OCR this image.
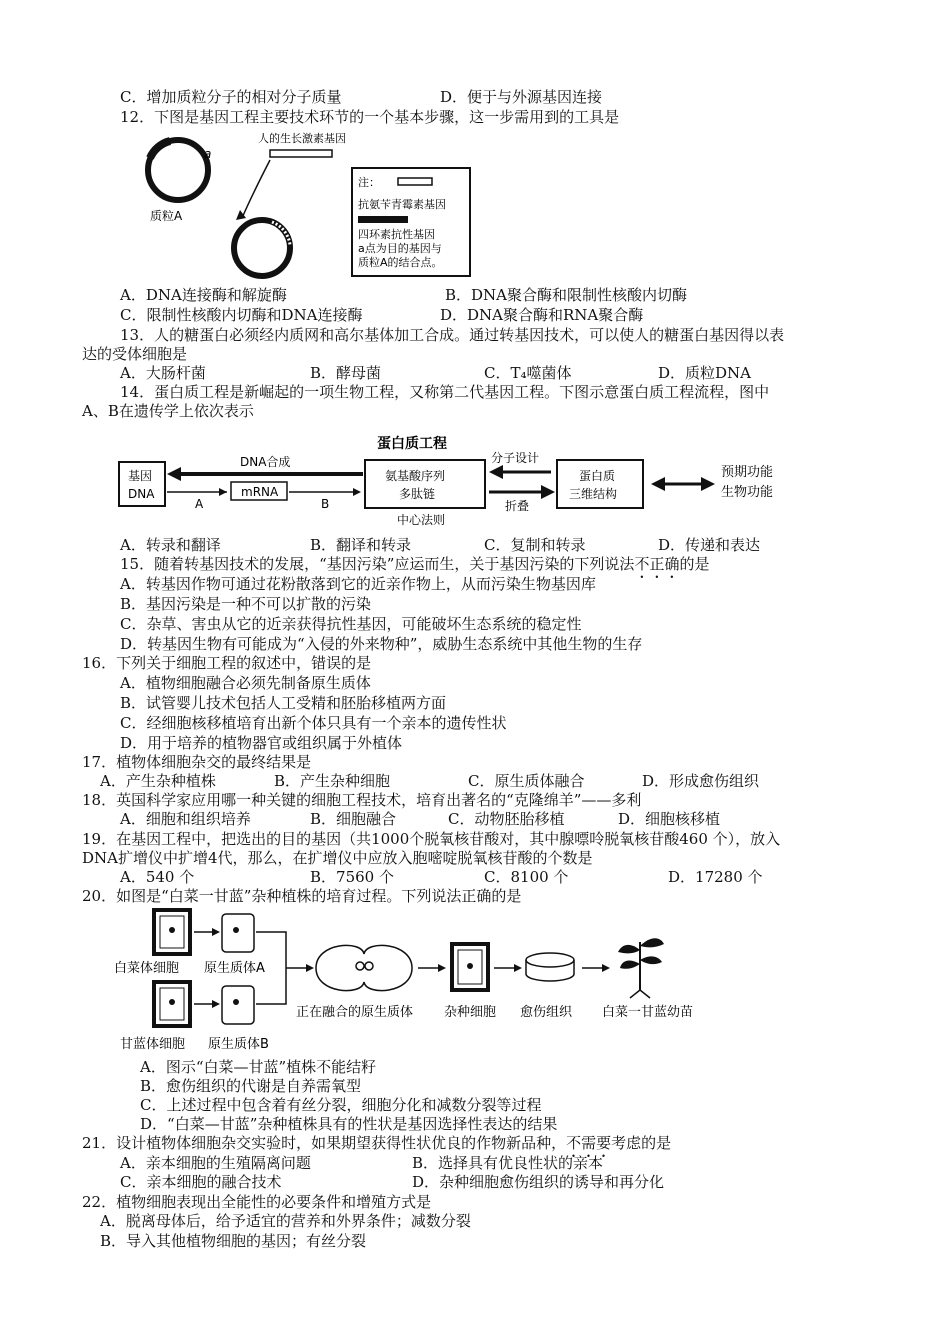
C．增加质粒分子的相对分子质量	D．便于与外源基因连接
12．下图是基因工程主要技术环节的一个基本步骤，这一步需用到的工具是
a
质粒A
人的生长激素基因
注：
抗氨苄青霉素基因
四环素抗性基因
a点为目的基因与
质粒A的结合点。
A．DNA连接酶和解旋酶	B．DNA聚合酶和限制性核酸内切酶
C．限制性核酸内切酶和DNA连接酶	D．DNA聚合酶和RNA聚合酶
13．人的糖蛋白必须经内质网和高尔基体加工合成。通过转基因技术，可以使人的糖蛋白基因得以表
达的受体细胞是
A．大肠杆菌	B．酵母菌	C．T₄噬菌体	D．质粒DNA
14．蛋白质工程是新崛起的一项生物工程，又称第二代基因工程。下图示意蛋白质工程流程，图中
A、B在遗传学上依次表示
蛋白质工程
基因
DNA
DNA合成
A
mRNA
B
氨基酸序列
多肽链
中心法则
分子设计
折叠
蛋白质
三维结构
预期功能
生物功能
A．转录和翻译	B．翻译和转录	C．复制和转录	D．传递和表达
15．随着转基因技术的发展，“基因污染”应运而生，关于基因污染的下列说法不正确的是
A．转基因作物可通过花粉散落到它的近亲作物上，从而污染生物基因库
B．基因污染是一种不可以扩散的污染
C．杂草、害虫从它的近亲获得抗性基因，可能破坏生态系统的稳定性
D．转基因生物有可能成为“入侵的外来物种”，威胁生态系统中其他生物的生存
16．下列关于细胞工程的叙述中，错误的是
A．植物细胞融合必须先制备原生质体
B．试管婴儿技术包括人工受精和胚胎移植两方面
C．经细胞核移植培育出新个体只具有一个亲本的遗传性状
D．用于培养的植物器官或组织属于外植体
17．植物体细胞杂交的最终结果是
A．产生杂种植株	B．产生杂种细胞	C．原生质体融合	D．形成愈伤组织
18．英国科学家应用哪一种关键的细胞工程技术，培育出著名的“克隆绵羊”——多利
A．细胞和组织培养	B．细胞融合	C．动物胚胎移植	D．细胞核移植
19．在基因工程中，把选出的目的基因（共1000个脱氧核苷酸对，其中腺嘌呤脱氧核苷酸460 个），放入
DNA扩增仪中扩增4代，那么，在扩增仪中应放入胞嘧啶脱氧核苷酸的个数是
A．540 个	B．7560 个	C．8100 个	D．17280 个
20．如图是“白菜一甘蓝”杂种植株的培育过程。下列说法正确的是
白菜体细胞 原生质体A
甘蓝体细胞 原生质体B
正在融合的原生质体 杂种细胞 愈伤组织 白菜一甘蓝幼苗
A．图示“白菜—甘蓝”植株不能结籽
B．愈伤组织的代谢是自养需氧型
C．上述过程中包含着有丝分裂，细胞分化和减数分裂等过程
D．“白菜—甘蓝”杂种植株具有的性状是基因选择性表达的结果
21．设计植物体细胞杂交实验时，如果期望获得性状优良的作物新品种，不需要考虑的是
A．亲本细胞的生殖隔离问题	B．选择具有优良性状的亲本
C．亲本细胞的融合技术	D．杂种细胞愈伤组织的诱导和再分化
22．植物细胞表现出全能性的必要条件和增殖方式是
A．脱离母体后，给予适宜的营养和外界条件；减数分裂
B．导入其他植物细胞的基因；有丝分裂
